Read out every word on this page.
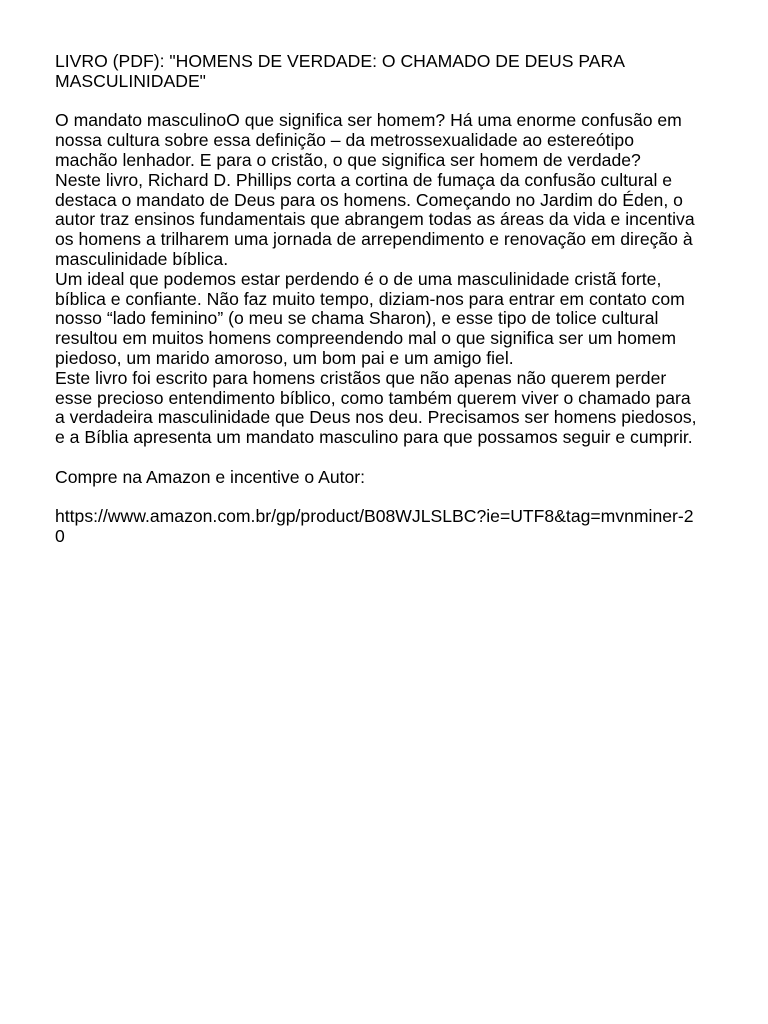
LIVRO (PDF): "HOMENS DE VERDADE: O CHAMADO DE DEUS PARA
MASCULINIDADE"

O mandato masculinoO que significa ser homem? Há uma enorme confusão em
nossa cultura sobre essa definição – da metrossexualidade ao estereótipo
machão lenhador. E para o cristão, o que significa ser homem de verdade?
Neste livro, Richard D. Phillips corta a cortina de fumaça da confusão cultural e
destaca o mandato de Deus para os homens. Começando no Jardim do Éden, o
autor traz ensinos fundamentais que abrangem todas as áreas da vida e incentiva
os homens a trilharem uma jornada de arrependimento e renovação em direção à
masculinidade bíblica.

Um ideal que podemos estar perdendo é o de uma masculinidade cristã forte,
bíblica e confiante. Não faz muito tempo, diziam-nos para entrar em contato com
nosso “lado feminino” (o meu se chama Sharon), e esse tipo de tolice cultural
resultou em muitos homens compreendendo mal o que significa ser um homem
piedoso, um marido amoroso, um bom pai e um amigo fiel.

Este livro foi escrito para homens cristãos que não apenas não querem perder
esse precioso entendimento bíblico, como também querem viver o chamado para
a verdadeira masculinidade que Deus nos deu. Precisamos ser homens piedosos,
e a Bíblia apresenta um mandato masculino para que possamos seguir e cumprir.

Compre na Amazon e incentive o Autor:

https://www.amazon.com.br/gp/product/B08WJLSLBC?ie=UTF8&tag=mvnminer-2
0
